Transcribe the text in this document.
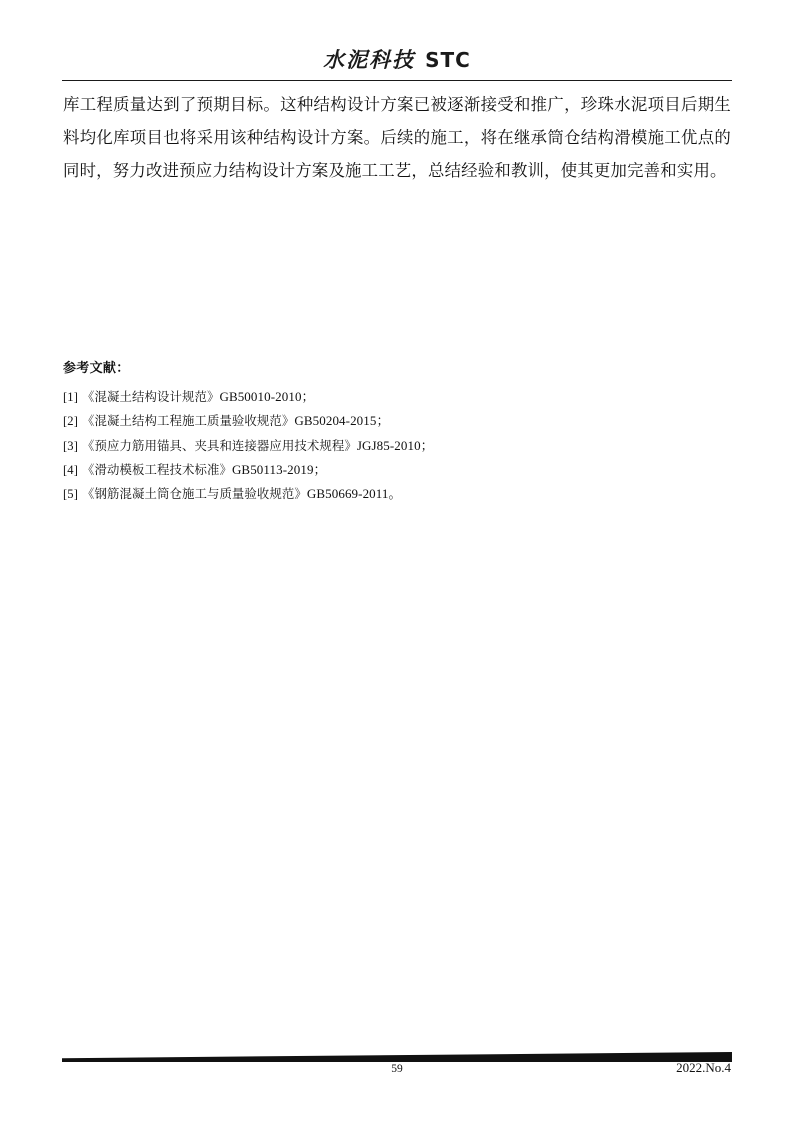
水泥科技 STC
库工程质量达到了预期目标。这种结构设计方案已被逐渐接受和推广，珍珠水泥项目后期生料均化库项目也将采用该种结构设计方案。后续的施工，将在继承筒仓结构滑模施工优点的同时，努力改进预应力结构设计方案及施工工艺，总结经验和教训，使其更加完善和实用。
参考文献：
[1] 《混凝土结构设计规范》GB50010-2010；
[2] 《混凝土结构工程施工质量验收规范》GB50204-2015；
[3] 《预应力筋用锚具、夹具和连接器应用技术规程》JGJ85-2010；
[4] 《滑动模板工程技术标准》GB50113-2019；
[5] 《钢筋混凝土筒仓施工与质量验收规范》GB50669-2011。
59	2022.No.4
